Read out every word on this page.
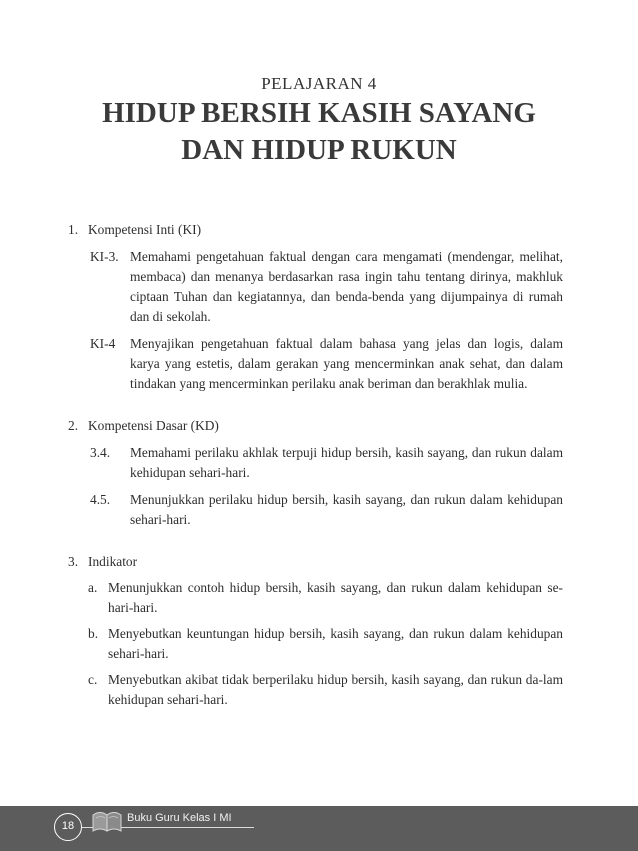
PELAJARAN 4
HIDUP BERSIH KASIH SAYANG
DAN HIDUP RUKUN
1. Kompetensi Inti (KI)
KI-3. Memahami pengetahuan faktual dengan cara mengamati (mendengar, melihat, membaca) dan menanya berdasarkan rasa ingin tahu tentang dirinya, makhluk ciptaan Tuhan dan kegiatannya, dan benda-benda yang dijumpainya di rumah dan di sekolah.
KI-4	Menyajikan pengetahuan faktual dalam bahasa yang jelas dan logis, dalam karya yang estetis, dalam gerakan yang mencerminkan anak sehat, dan dalam tindakan yang mencerminkan perilaku anak beriman dan berakhlak mulia.
2. Kompetensi Dasar (KD)
3.4.	Memahami perilaku akhlak terpuji hidup bersih, kasih sayang, dan rukun dalam kehidupan sehari-hari.
4.5.	Menunjukkan perilaku hidup bersih, kasih sayang, dan rukun dalam kehidupan sehari-hari.
3. Indikator
a. Menunjukkan contoh hidup bersih, kasih sayang, dan rukun dalam kehidupan se-hari-hari.
b. Menyebutkan keuntungan hidup bersih, kasih sayang, dan rukun dalam kehidupan sehari-hari.
c. Menyebutkan akibat tidak berperilaku hidup bersih, kasih sayang, dan rukun da-lam kehidupan sehari-hari.
18
Buku Guru Kelas I MI
